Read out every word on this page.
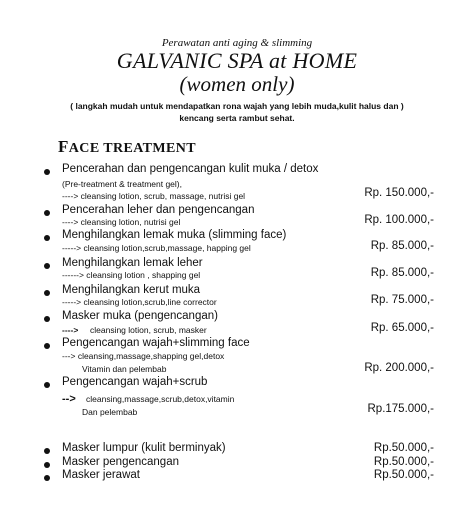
Perawatan anti aging & slimming
GALVANIC SPA at HOME
(women only)
( langkah mudah untuk mendapatkan rona wajah yang lebih muda,kulit halus dan )
kencang serta rambut sehat.
FACE TREATMENT
Pencerahan dan pengencangan kulit muka / detox
(Pre-treatment & treatment gel),
----> cleansing lotion, scrub, massage, nutrisi gel	Rp. 150.000,-
Pencerahan leher dan pengencangan
----> cleansing lotion, nutrisi gel	Rp. 100.000,-
Menghilangkan lemak muka (slimming face)
-----> cleansing lotion,scrub,massage, happing gel	Rp. 85.000,-
Menghilangkan lemak leher
------> cleansing lotion , shapping gel	Rp. 85.000,-
Menghilangkan kerut muka
-----> cleansing lotion,scrub,line corrector	Rp. 75.000,-
Masker muka (pengencangan)
----> cleansing lotion, scrub, masker	Rp. 65.000,-
Pengencangan wajah+slimming face
---> cleansing,massage,shapping gel,detox
Vitamin dan pelembab	Rp. 200.000,-
Pengencangan wajah+scrub
--> cleansing,massage,scrub,detox,vitamin
Dan pelembab	Rp.175.000,-
Masker lumpur (kulit berminyak)	Rp.50.000,-
Masker pengencangan	Rp.50.000,-
Masker jerawat	Rp.50.000,-
